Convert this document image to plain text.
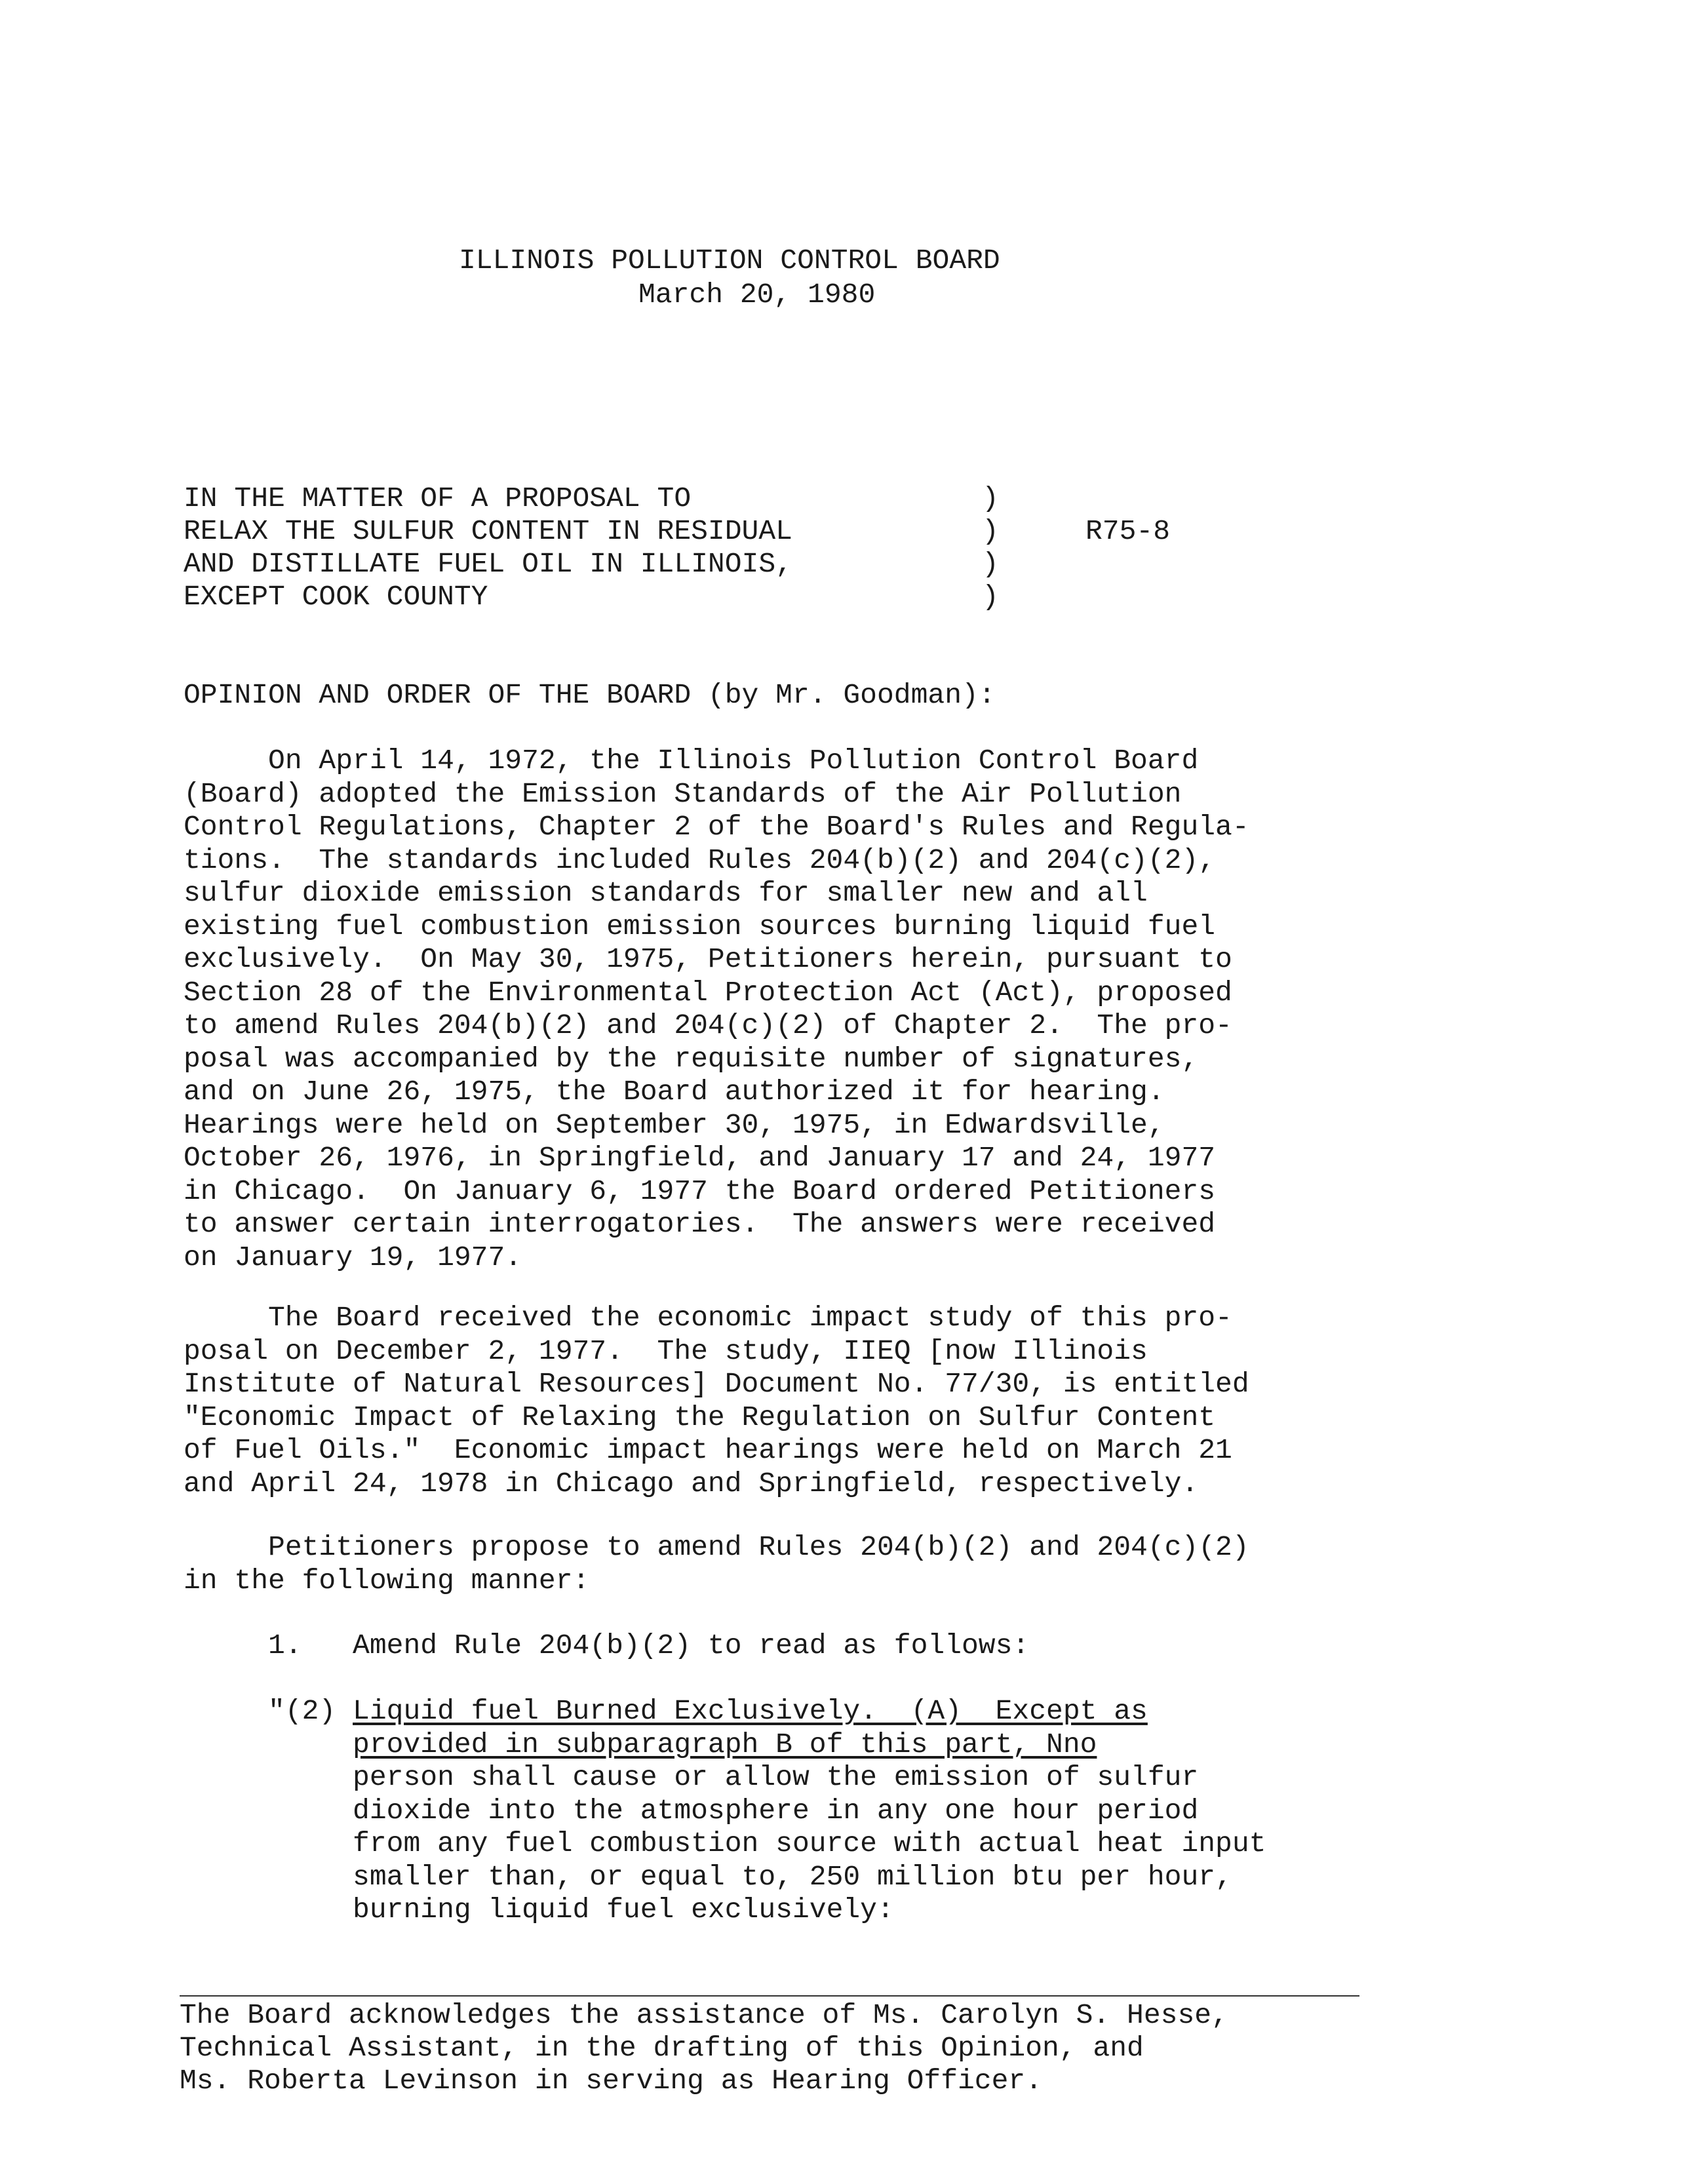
ILLINOIS POLLUTION CONTROL BOARD
March 20, 1980
IN THE MATTER OF A PROPOSAL TO
RELAX THE SULFUR CONTENT IN RESIDUAL
AND DISTILLATE FUEL OIL IN ILLINOIS,
EXCEPT COOK COUNTY
)
)
)
)
R75-8
OPINION AND ORDER OF THE BOARD (by Mr. Goodman):
On April 14, 1972, the Illinois Pollution Control Board
(Board) adopted the Emission Standards of the Air Pollution
Control Regulations, Chapter 2 of the Board's Rules and Regula-
tions.  The standards included Rules 204(b)(2) and 204(c)(2),
sulfur dioxide emission standards for smaller new and all
existing fuel combustion emission sources burning liquid fuel
exclusively.  On May 30, 1975, Petitioners herein, pursuant to
Section 28 of the Environmental Protection Act (Act), proposed
to amend Rules 204(b)(2) and 204(c)(2) of Chapter 2.  The pro-
posal was accompanied by the requisite number of signatures,
and on June 26, 1975, the Board authorized it for hearing.
Hearings were held on September 30, 1975, in Edwardsville,
October 26, 1976, in Springfield, and January 17 and 24, 1977
in Chicago.  On January 6, 1977 the Board ordered Petitioners
to answer certain interrogatories.  The answers were received
on January 19, 1977.
The Board received the economic impact study of this pro-
posal on December 2, 1977.  The study, IIEQ [now Illinois
Institute of Natural Resources] Document No. 77/30, is entitled
"Economic Impact of Relaxing the Regulation on Sulfur Content
of Fuel Oils."  Economic impact hearings were held on March 21
and April 24, 1978 in Chicago and Springfield, respectively.
Petitioners propose to amend Rules 204(b)(2) and 204(c)(2)
in the following manner:
1.   Amend Rule 204(b)(2) to read as follows:
"(2) Liquid fuel Burned Exclusively.  (A)  Except as
provided in subparagraph B of this part, Nno
person shall cause or allow the emission of sulfur
dioxide into the atmosphere in any one hour period
from any fuel combustion source with actual heat input
smaller than, or equal to, 250 million btu per hour,
burning liquid fuel exclusively:
The Board acknowledges the assistance of Ms. Carolyn S. Hesse,
Technical Assistant, in the drafting of this Opinion, and
Ms. Roberta Levinson in serving as Hearing Officer.
